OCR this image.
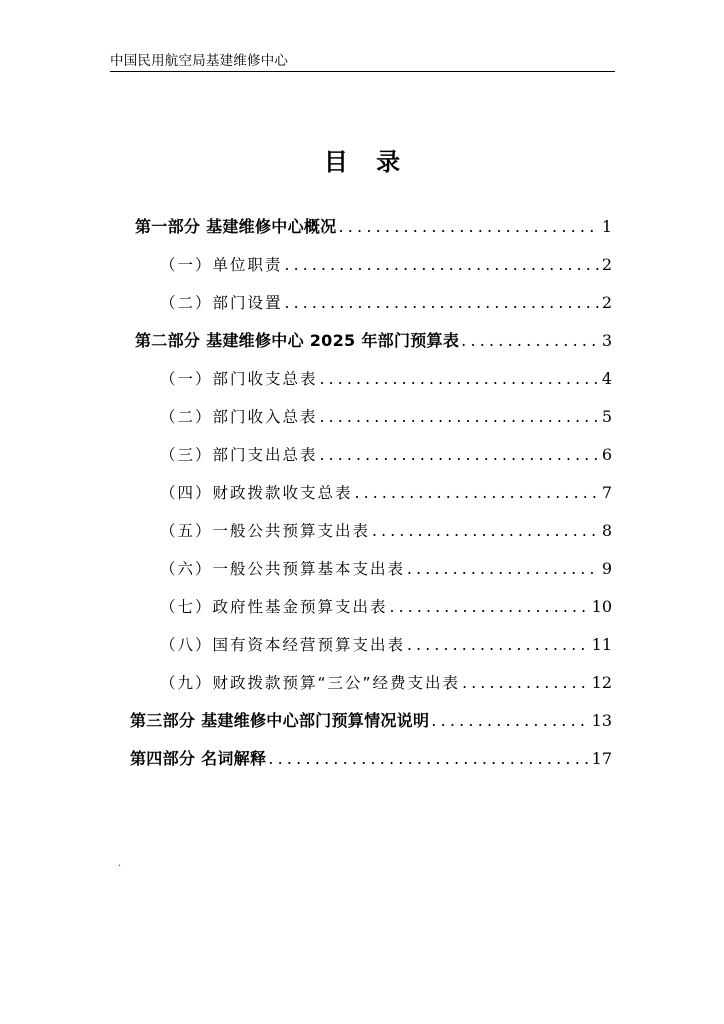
中国民用航空局基建维修中心
目 录
第一部分 基建维修中心概况 .....	1
（一）单位职责 .....	2
（二）部门设置 .....	2
第二部分 基建维修中心 2025 年部门预算表 .....	3
（一）部门收支总表 .....	4
（二）部门收入总表 .....	5
（三）部门支出总表 .....	6
（四）财政拨款收支总表 .....	7
（五）一般公共预算支出表 .....	8
（六）一般公共预算基本支出表 .....	9
（七）政府性基金预算支出表 .....	10
（八）国有资本经营预算支出表 .....	11
（九）财政拨款预算“三公”经费支出表 .....	12
第三部分 基建维修中心部门预算情况说明 .....	13
第四部分 名词解释 .....	17
.
